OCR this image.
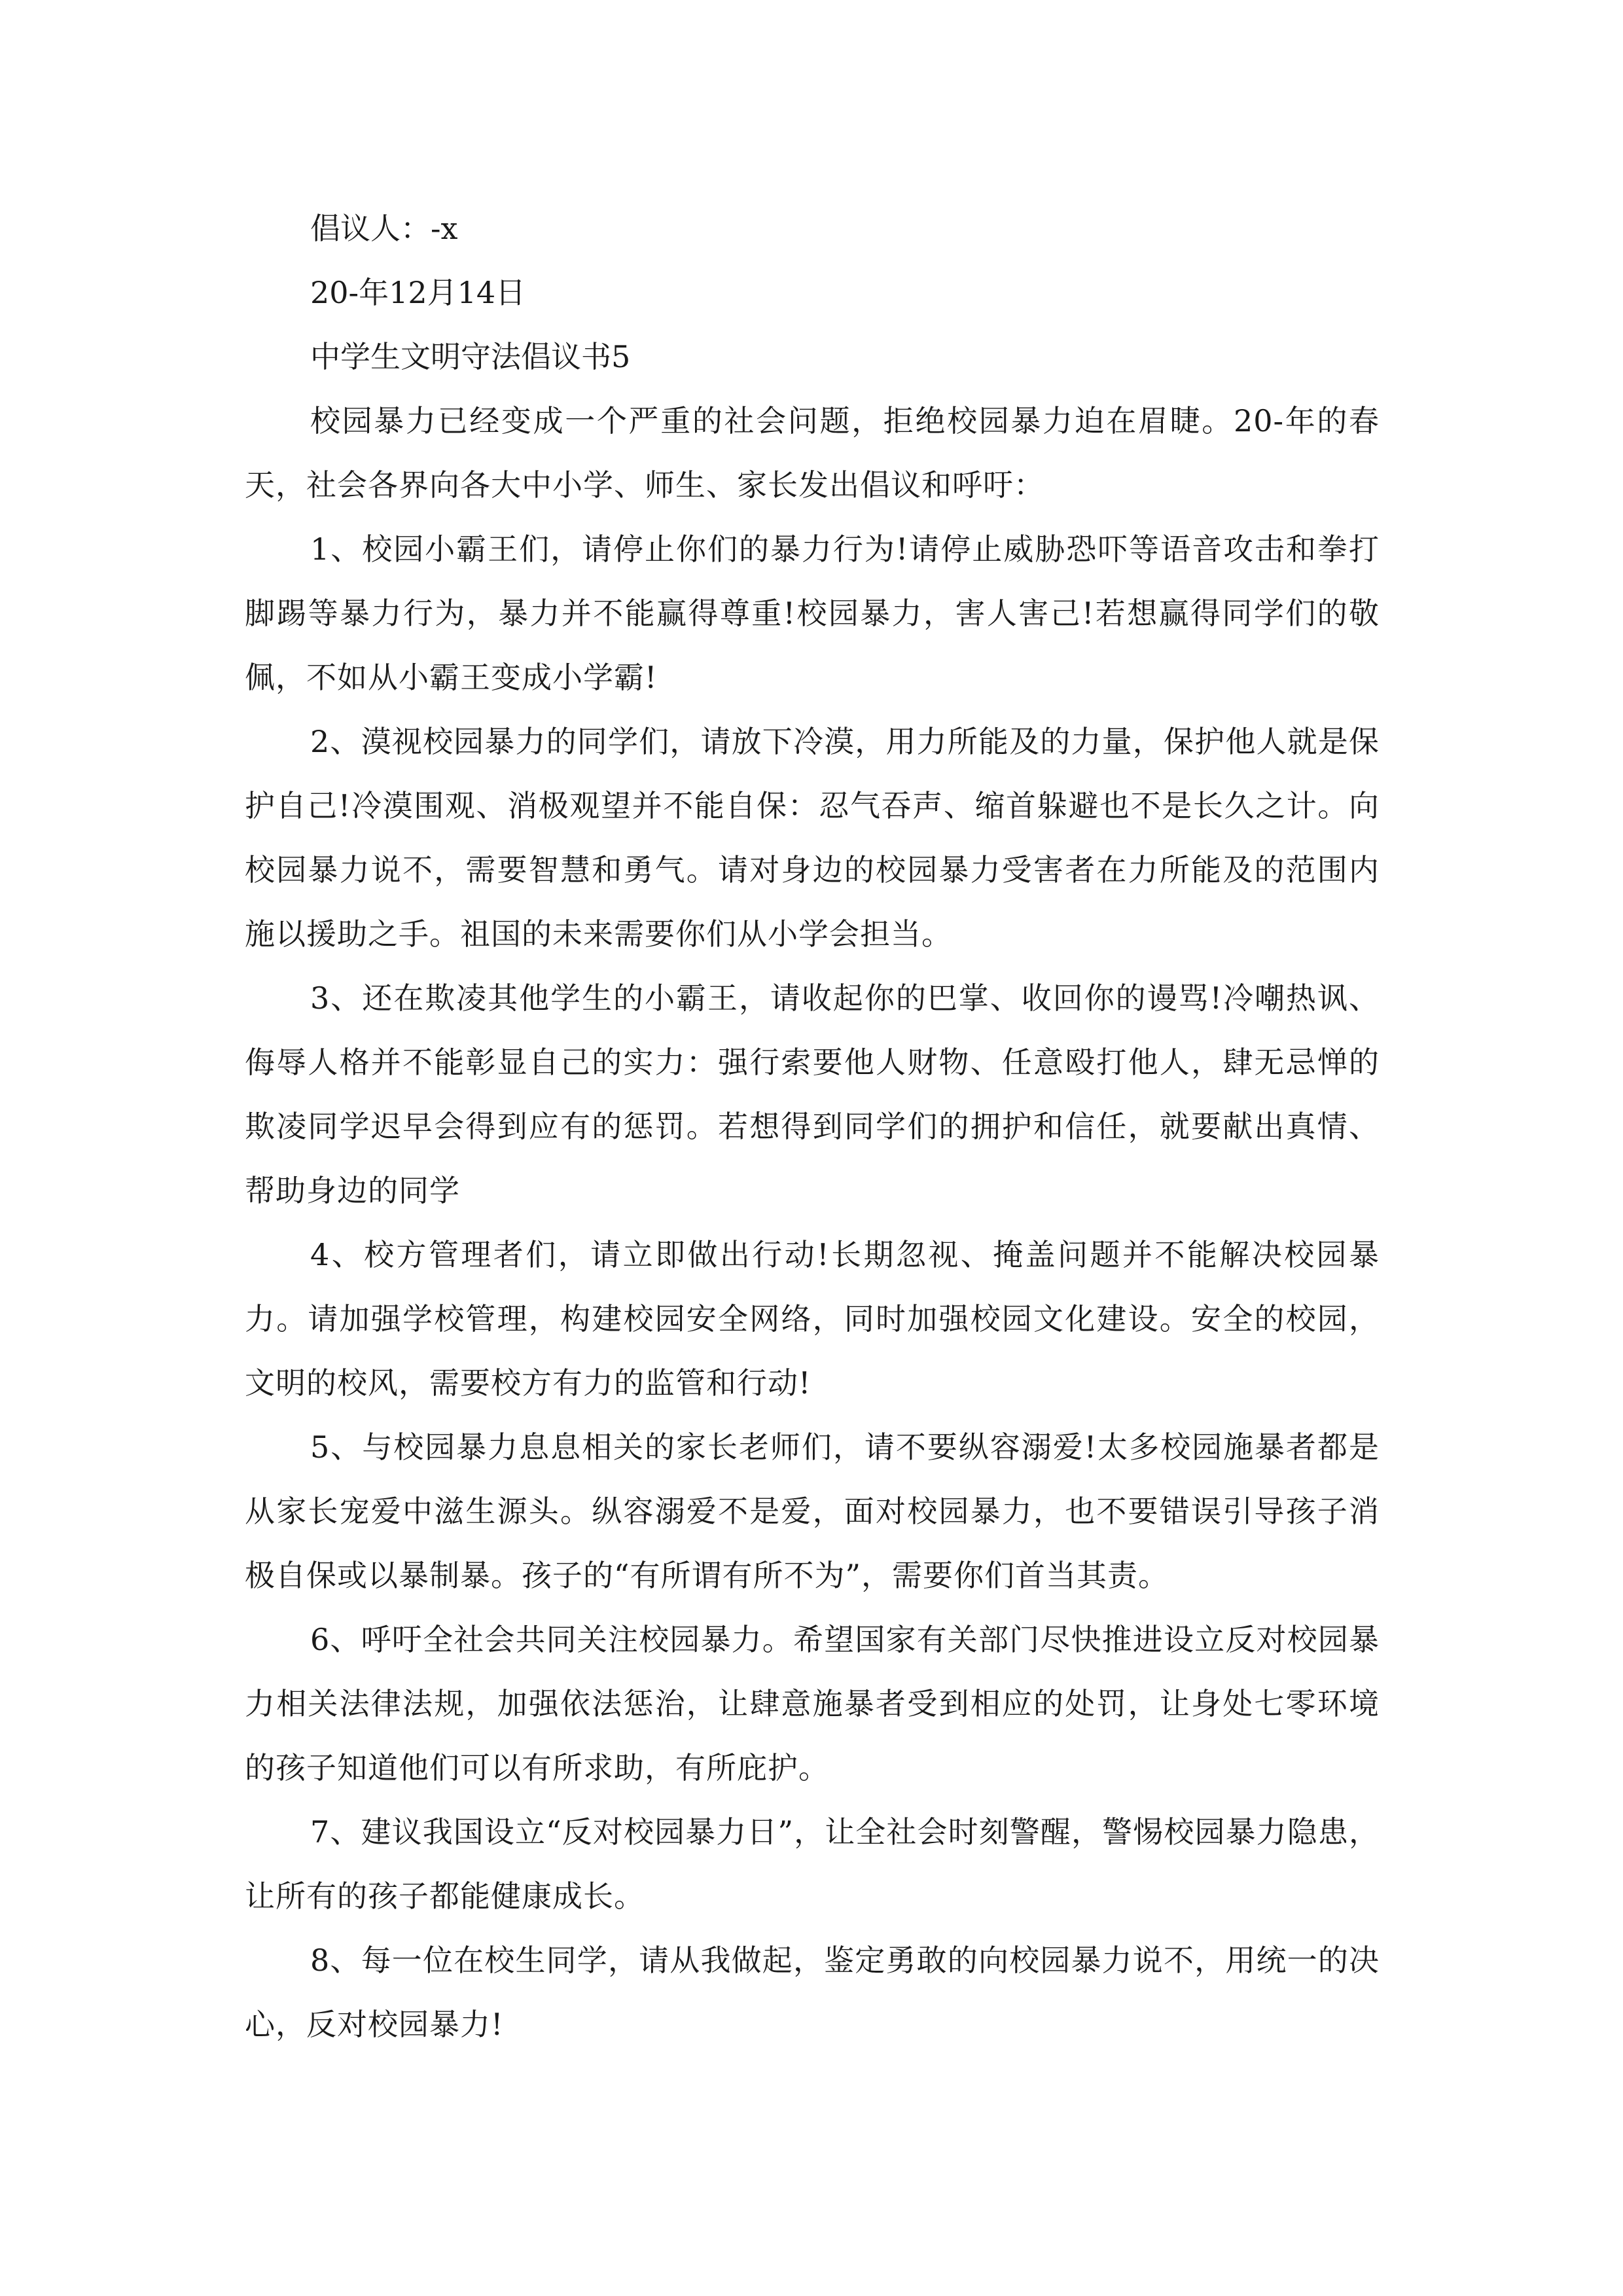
倡议人：-x

20-年12月14日

中学生文明守法倡议书5

校园暴力已经变成一个严重的社会问题，拒绝校园暴力迫在眉睫。20-年的春天，社会各界向各大中小学、师生、家长发出倡议和呼吁：

1、校园小霸王们，请停止你们的暴力行为!请停止威胁恐吓等语音攻击和拳打脚踢等暴力行为，暴力并不能赢得尊重!校园暴力，害人害己!若想赢得同学们的敬佩，不如从小霸王变成小学霸!

2、漠视校园暴力的同学们，请放下冷漠，用力所能及的力量，保护他人就是保护自己!冷漠围观、消极观望并不能自保：忍气吞声、缩首躲避也不是长久之计。向校园暴力说不，需要智慧和勇气。请对身边的校园暴力受害者在力所能及的范围内施以援助之手。祖国的未来需要你们从小学会担当。

3、还在欺凌其他学生的小霸王，请收起你的巴掌、收回你的谩骂!冷嘲热讽、侮辱人格并不能彰显自己的实力：强行索要他人财物、任意殴打他人，肆无忌惮的欺凌同学迟早会得到应有的惩罚。若想得到同学们的拥护和信任，就要献出真情、帮助身边的同学

4、校方管理者们，请立即做出行动!长期忽视、掩盖问题并不能解决校园暴力。请加强学校管理，构建校园安全网络，同时加强校园文化建设。安全的校园，文明的校风，需要校方有力的监管和行动!

5、与校园暴力息息相关的家长老师们，请不要纵容溺爱!太多校园施暴者都是从家长宠爱中滋生源头。纵容溺爱不是爱，面对校园暴力，也不要错误引导孩子消极自保或以暴制暴。孩子的“有所谓有所不为”，需要你们首当其责。

6、呼吁全社会共同关注校园暴力。希望国家有关部门尽快推进设立反对校园暴力相关法律法规，加强依法惩治，让肆意施暴者受到相应的处罚，让身处七零环境的孩子知道他们可以有所求助，有所庇护。

7、建议我国设立“反对校园暴力日”，让全社会时刻警醒，警惕校园暴力隐患，让所有的孩子都能健康成长。

8、每一位在校生同学，请从我做起，鉴定勇敢的向校园暴力说不，用统一的决心，反对校园暴力!
